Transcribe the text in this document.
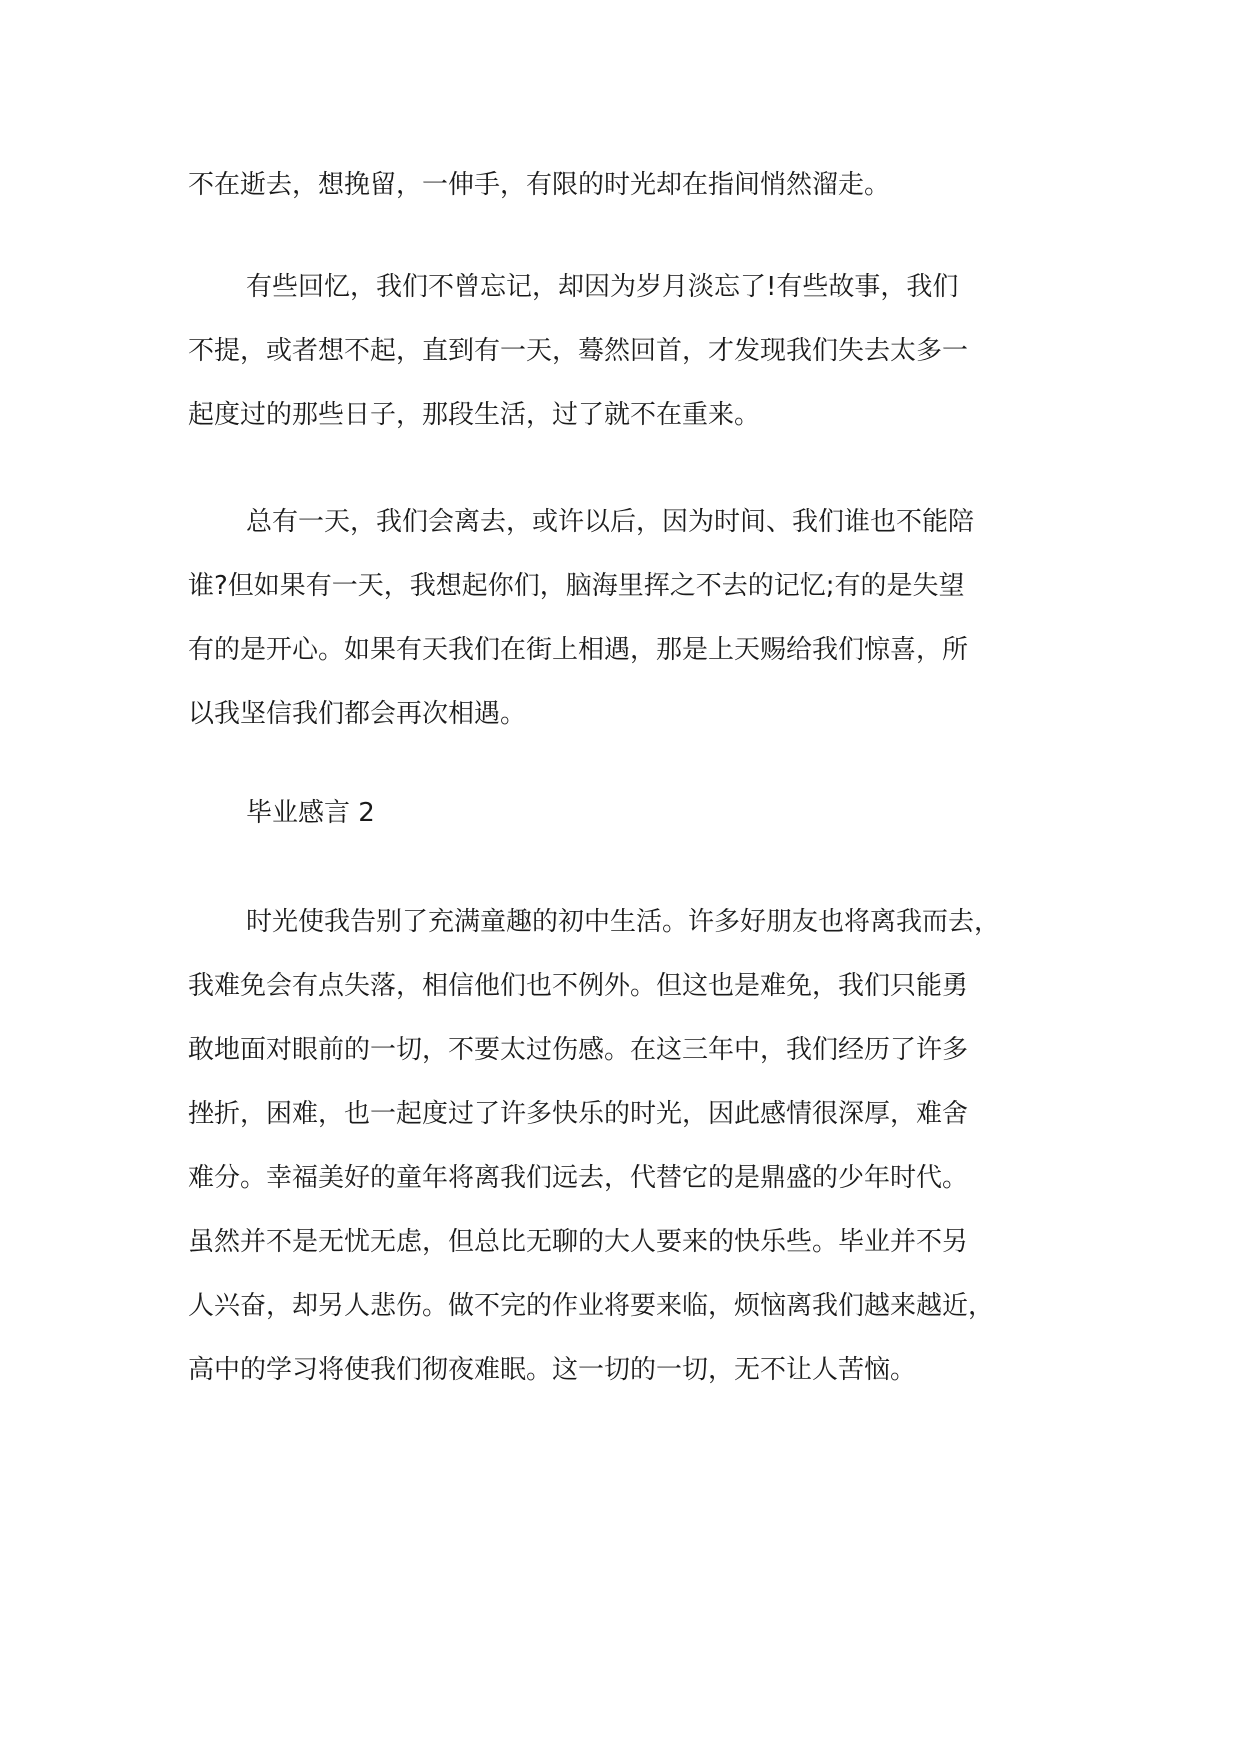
不在逝去，想挽留，一伸手，有限的时光却在指间悄然溜走。
有些回忆，我们不曾忘记，却因为岁月淡忘了!有些故事，我们
不提，或者想不起，直到有一天，蓦然回首，才发现我们失去太多一
起度过的那些日子，那段生活，过了就不在重来。
总有一天，我们会离去，或许以后，因为时间、我们谁也不能陪
谁?但如果有一天，我想起你们，脑海里挥之不去的记忆;有的是失望
有的是开心。如果有天我们在街上相遇，那是上天赐给我们惊喜，所
以我坚信我们都会再次相遇。
毕业感言 2
时光使我告别了充满童趣的初中生活。许多好朋友也将离我而去，
我难免会有点失落，相信他们也不例外。但这也是难免，我们只能勇
敢地面对眼前的一切，不要太过伤感。在这三年中，我们经历了许多
挫折，困难，也一起度过了许多快乐的时光，因此感情很深厚，难舍
难分。幸福美好的童年将离我们远去，代替它的是鼎盛的少年时代。
虽然并不是无忧无虑，但总比无聊的大人要来的快乐些。毕业并不另
人兴奋，却另人悲伤。做不完的作业将要来临，烦恼离我们越来越近，
高中的学习将使我们彻夜难眠。这一切的一切，无不让人苦恼。
